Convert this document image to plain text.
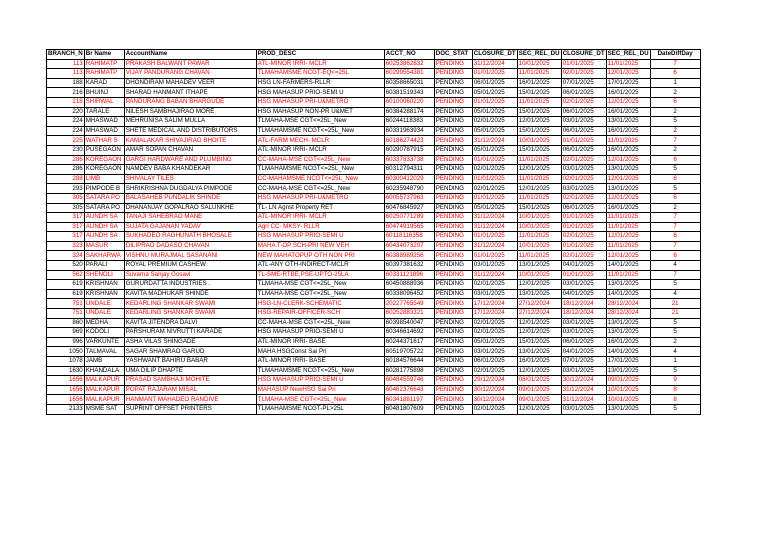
BRANCH_N	Br Name	AccountName	PROD_DESC	ACCT_NO	DOC_STAT	CLOSURE_DT	SEC_REL_DU	CLOSURE_DT	SEC_REL_DU	DateDiffDay
113	RAHIMATP	PRAKASH BALWANT PAWAR	ATL-MINOR IRRI- MCLR	60253862832	PENDING	31/12/2024	10/01/2025	01/01/2025	11/01/2025	7
113	RAHIMATP	VIJAY PANDURANG CHAVAN	TLMAHAMSME NCGT-EQ<=25L	60299554381	PENDING	01/01/2025	11/01/2025	02/01/2025	12/01/2025	6
188	KARAD	DHONDIRAM MAHADEV VEER	HSG LN-FARMERS-RLLR	60358665031	PENDING	06/01/2025	16/01/2025	07/01/2025	17/01/2025	1
216	BHUINJ	SHARAD HANMANT ITHAPE	HSG MAHASUP PRIO-SEMI U	60381519343	PENDING	05/01/2025	15/01/2025	06/01/2025	16/01/2025	2
218	SHIRWAL	PANDURANG BABAN BHARGUDE	HSG MAHASUP PRI-U&METRO	60100060220	PENDING	01/01/2025	11/01/2025	02/01/2025	12/01/2025	6
220	TARALE	NILESH SAMBHAJIRAO MORE	HSG MAHASUP NON-PR U&MET	60384288174	PENDING	05/01/2025	15/01/2025	06/01/2025	16/01/2025	2
224	MHASWAD	MEHRUNISA SALIM MULLA	TLMAHA-MSE CGT<=25L_New	60244118383	PENDING	02/01/2025	12/01/2025	03/01/2025	13/01/2025	5
224	MHASWAD	SHETE MEDICAL AND DISTRIBUTORS	TLMAHAMSME NCGT<=25L_New	60331963934	PENDING	05/01/2025	15/01/2025	06/01/2025	16/01/2025	2
225	WATHAR S	KAMALAKAR SHIVAJIRAO BHOITE	ATL-FARM MECH- MCLR	60186274423	PENDING	31/12/2024	10/01/2025	01/01/2025	11/01/2025	7
230	PUSEGAON	AMAR SOPAN CHAVAN	ATL-MINOR IRRI- MCLR	60290787915	PENDING	05/01/2025	15/01/2025	06/01/2025	16/01/2025	2
286	KOREGAON	GARGI HARDWARE AND PLUMBING	CC-MAHA-MSE CGT<=25L_New	60337833738	PENDING	01/01/2025	11/01/2025	02/01/2025	12/01/2025	6
286	KOREGAON	NAMDEV BABA KHANDEKAR	TLMAHAMSME NCGT<=25L_New	60312794311	PENDING	02/01/2025	12/01/2025	03/01/2025	13/01/2025	5
288	LIMB	SHIVALAY TILES	CC-MAHAMSME NCGT<=25L_New	60300412029	PENDING	01/01/2025	11/01/2025	02/01/2025	12/01/2025	6
293	PIMPODE B	SHRIKRISHNA DUGDALYA PIMPODE	CC-MAHA-MSE CGT<=25L_New	60235948790	PENDING	02/01/2025	12/01/2025	03/01/2025	13/01/2025	5
305	SATARA PO	BALASAHEB PUNDALIK SHINDE	HSG MAHASUP PRI-U&METRO	60055737963	PENDING	01/01/2025	11/01/2025	02/01/2025	12/01/2025	6
305	SATARA PO	DHANANJAY GOPALRAO SALUNKHE	TL- LN Agnst Property RET	60476845927	PENDING	05/01/2025	15/01/2025	06/01/2025	16/01/2025	2
317	AUNDH SA	TANAJI SAHEBRAO MANE	ATL-MINOR IRRI- MCLR	60250771289	PENDING	31/12/2024	10/01/2025	01/01/2025	11/01/2025	7
317	AUNDH SA	SUJATA GAJANAN YADAV	Agri CC- MKSY- RLLR	60474919565	PENDING	31/12/2024	10/01/2025	01/01/2025	11/01/2025	7
317	AUNDH SA	SUKHADEO RAGHUNATH BHOSALE	HSG MAHASUP PRIO-SEMI U	60118116358	PENDING	01/01/2025	11/01/2025	02/01/2025	12/01/2025	6
323	MASUR	DILIPRAO DADASO CHAVAN	MAHA T-OP SCH-PRI NEW VEH	60434073207	PENDING	31/12/2024	10/01/2025	01/01/2025	11/01/2025	7
324	SAKHARWA	VISHNU MURAJMAL SASANANI	NEW MAHATOPUP OTH NON PRI	60388989256	PENDING	01/01/2025	11/01/2025	02/01/2025	12/01/2025	6
520	PARALI	ROYAL PREMIUM CASHEW	ATL-ANY OTH-INDIRECT-MCLR	60397381632	PENDING	03/01/2025	13/01/2025	04/01/2025	14/01/2025	4
562	SHENOLI	Suvarna Sanjay Gosavi	TL-SME-RTBE,PSE-UPTO-25LA	60331121896	PENDING	31/12/2024	10/01/2025	01/01/2025	11/01/2025	7
619	KRISHNAN	GURURDATTA INDUSTRIES .	TLMAHA-MSE CGT<=25L_New	60450888936	PENDING	02/01/2025	12/01/2025	03/01/2025	13/01/2025	5
619	KRISHNAN	KAVITA MADHUKAR SHINDE	TLMAHA-MSE CGT<=25L_New	60338096452	PENDING	03/01/2025	13/01/2025	04/01/2025	14/01/2025	4
751	UNDALE	KEDARLING SHANKAR SWAMI	HSG-LN-CLERK-SCHEMATIC	20227765549	PENDING	17/12/2024	27/12/2024	18/12/2024	28/12/2024	21
751	UNDALE	KEDARLING SHANKAR SWAMI	HSG-REPAIR-OFFICER-SCH	60252883321	PENDING	17/12/2024	27/12/2024	18/12/2024	28/12/2024	21
860	MEDHA	KAVITA JITENDRA DALVI	CC-MAHA-MSE CGT<=25L_New	60398540047	PENDING	02/01/2025	12/01/2025	03/01/2025	13/01/2025	5
969	KODOLI	PARSHURAM NIVRUTTI KARADE	HSG MAHASUP PRIO-SEMI U	60346614692	PENDING	02/01/2025	12/01/2025	03/01/2025	13/01/2025	5
996	VARKUNTE	ASHA VILAS SHINGADE	ATL-MINOR IRRI- BASE	60244371617	PENDING	05/01/2025	15/01/2025	06/01/2025	16/01/2025	2
1050	TALMAVAL	SAGAR SHAMRAO GARUD	MAHA HSGConst Sai Pri	60519705722	PENDING	03/01/2025	13/01/2025	04/01/2025	14/01/2025	4
1078	JAMB	YASHWANT BAHIRU BABAR	ATL-MINOR IRRI- BASE	60184576644	PENDING	06/01/2025	16/01/2025	07/01/2025	17/01/2025	1
1630	KHANDALA	UMA DILIP DHAPTE	TLMAHAMSME NCGT<=25L_New	60281775898	PENDING	02/01/2025	12/01/2025	03/01/2025	13/01/2025	5
1656	MALKAPUR	PRASAD SAMBHAJI MOHITE	HSG MAHASUP PRIO-SEMI U	60484559746	PENDING	29/12/2024	08/01/2025	30/12/2024	09/01/2025	9
1656	MALKAPUR	POPAT RAJARAM MISAL	MAHASUP NewHSG Sai Pri	60462376643	PENDING	30/12/2024	09/01/2025	31/12/2024	10/01/2025	8
1656	MALKAPUR	HANMANT MAHADEO RANDIVE	TLMAHA-MSE CGT<=25L_New	60341881197	PENDING	30/12/2024	09/01/2025	31/12/2024	10/01/2025	8
2133	MSME SAT	SUPRINT OFFSET PRINTERS	TLMAHAMSME NCGT-PL>25L	60481807609	PENDING	02/01/2025	12/01/2025	03/01/2025	13/01/2025	5
